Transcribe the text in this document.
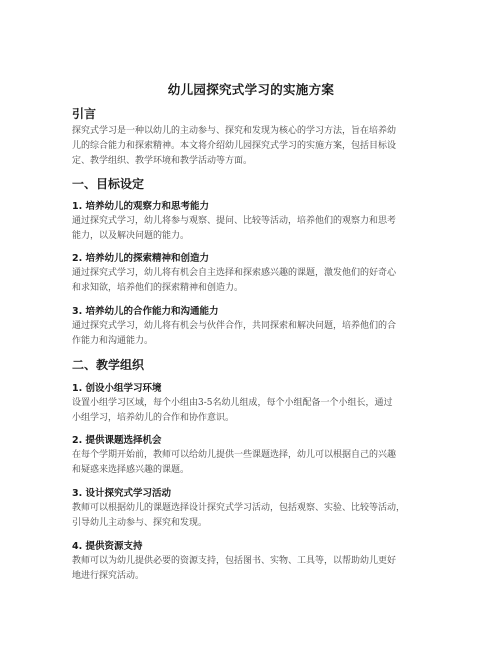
幼儿园探究式学习的实施方案
引言
探究式学习是一种以幼儿的主动参与、探究和发现为核心的学习方法，旨在培养幼
儿的综合能力和探索精神。本文将介绍幼儿园探究式学习的实施方案，包括目标设
定、教学组织、教学环境和教学活动等方面。
一、目标设定
1. 培养幼儿的观察力和思考能力
通过探究式学习，幼儿将参与观察、提问、比较等活动，培养他们的观察力和思考
能力，以及解决问题的能力。
2. 培养幼儿的探索精神和创造力
通过探究式学习，幼儿将有机会自主选择和探索感兴趣的课题，激发他们的好奇心
和求知欲，培养他们的探索精神和创造力。
3. 培养幼儿的合作能力和沟通能力
通过探究式学习，幼儿将有机会与伙伴合作，共同探索和解决问题，培养他们的合
作能力和沟通能力。
二、教学组织
1. 创设小组学习环境
设置小组学习区域，每个小组由3-5名幼儿组成，每个小组配备一个小组长，通过
小组学习，培养幼儿的合作和协作意识。
2. 提供课题选择机会
在每个学期开始前，教师可以给幼儿提供一些课题选择，幼儿可以根据自己的兴趣
和疑惑来选择感兴趣的课题。
3. 设计探究式学习活动
教师可以根据幼儿的课题选择设计探究式学习活动，包括观察、实验、比较等活动，
引导幼儿主动参与、探究和发现。
4. 提供资源支持
教师可以为幼儿提供必要的资源支持，包括图书、实物、工具等，以帮助幼儿更好
地进行探究活动。
